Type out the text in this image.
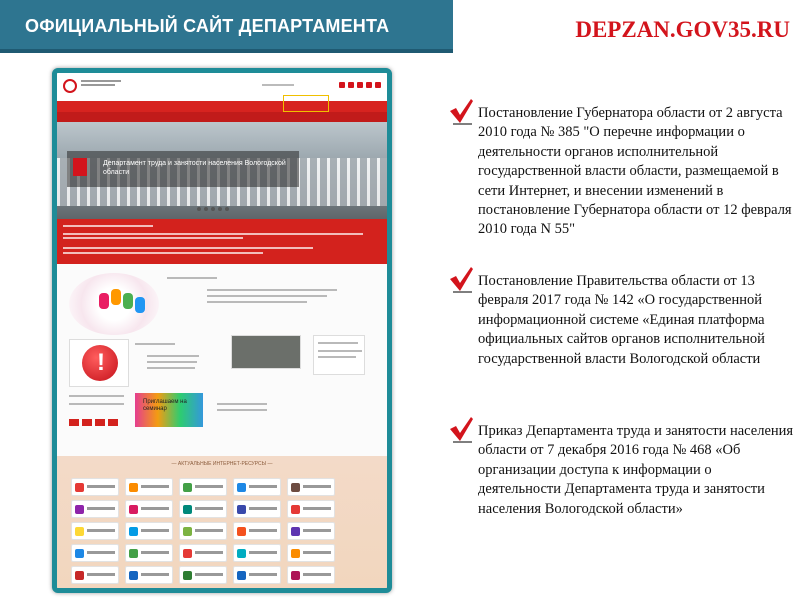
ОФИЦИАЛЬНЫЙ САЙТ ДЕПАРТАМЕНТА	DEPZAN.GOV35.RU
Департамент труда и занятости населения Вологодской области
!
Приглашаем на семинар
— АКТУАЛЬНЫЕ ИНТЕРНЕТ-РЕСУРСЫ —
Постановление Губернатора области от 2 августа 2010 года № 385 "О перечне информации о деятельности органов исполнительной государственной власти области, размещаемой в сети Интернет, и внесении изменений в постановление Губернатора области от 12 февраля 2010 года N 55"
Постановление Правительства области от 13 февраля 2017 года № 142 «О государственной информационной системе «Единая платформа официальных сайтов органов исполнительной государственной власти Вологодской области
Приказ Департамента труда и занятости населения области от 7 декабря 2016 года № 468 «Об организации доступа к информации о деятельности Департамента труда и занятости населения Вологодской области»
